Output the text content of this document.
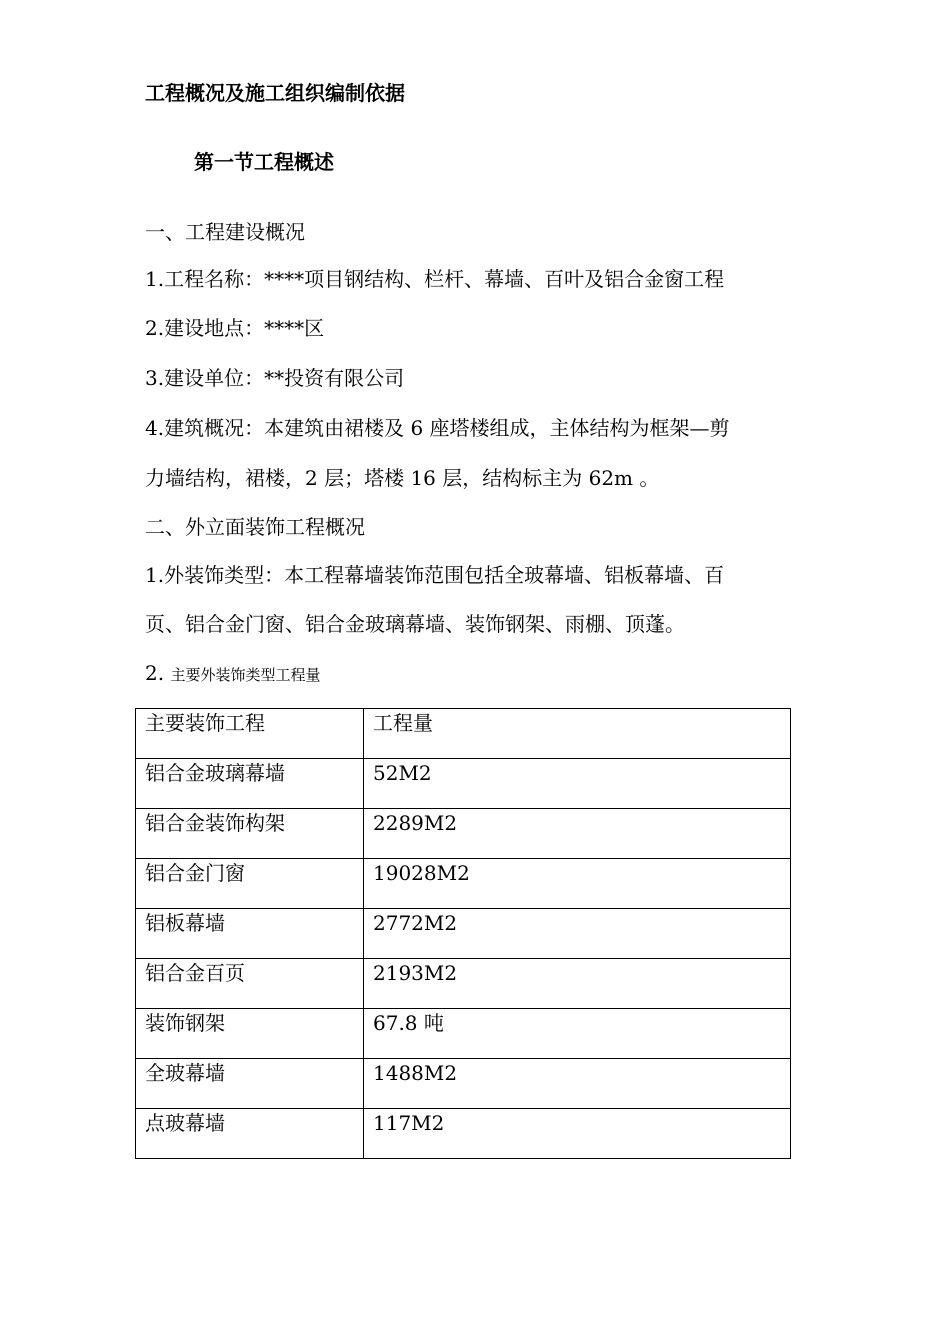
工程概况及施工组织编制依据
第一节工程概述
一、工程建设概况
1.工程名称：****项目钢结构、栏杆、幕墙、百叶及铝合金窗工程
2.建设地点：****区
3.建设单位：**投资有限公司
4.建筑概况：本建筑由裙楼及 6 座塔楼组成，主体结构为框架—剪
力墙结构，裙楼，2 层；塔楼 16 层，结构标主为 62m 。
二、外立面装饰工程概况
1.外装饰类型：本工程幕墙装饰范围包括全玻幕墙、铝板幕墙、百
页、铝合金门窗、铝合金玻璃幕墙、装饰钢架、雨棚、顶蓬。
2. 主要外装饰类型工程量
主要装饰工程	工程量

铝合金玻璃幕墙	52M2

铝合金装饰构架	2289M2

铝合金门窗	19028M2

铝板幕墙	2772M2

铝合金百页	2193M2

装饰钢架	67.8 吨

全玻幕墙	1488M2

点玻幕墙	117M2
